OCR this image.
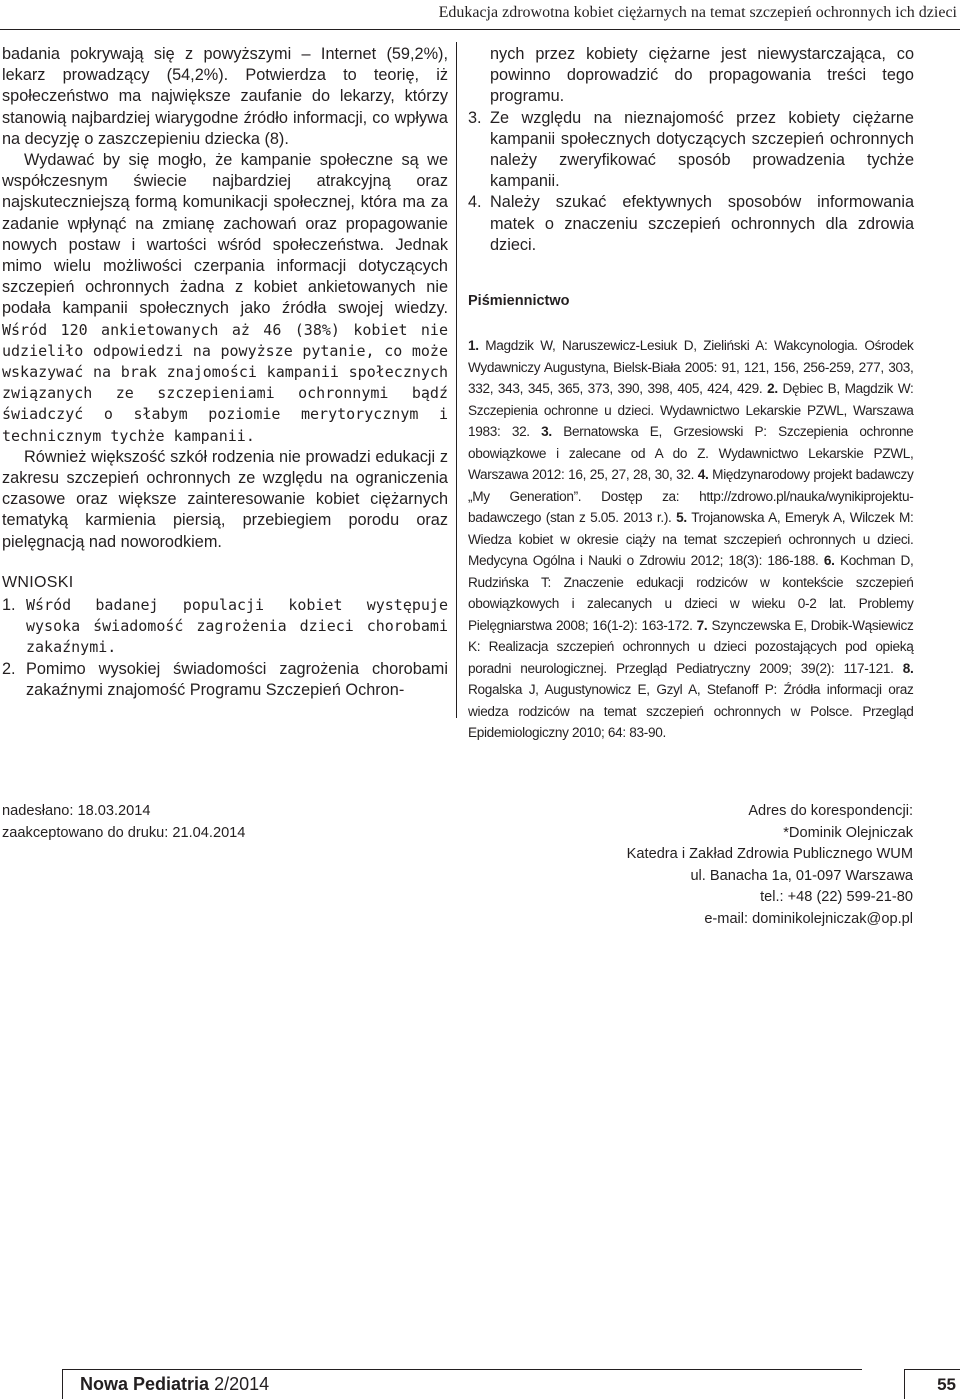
Edukacja zdrowotna kobiet ciężarnych na temat szczepień ochronnych ich dzieci

badania pokrywają się z powyższymi – Internet (59,2%), lekarz prowadzący (54,2%). Potwierdza to teorię, iż społeczeństwo ma największe zaufanie do lekarzy, którzy stanowią najbardziej wiarygodne źródło informacji, co wpływa na decyzję o zaszczepieniu dziecka (8).

Wydawać by się mogło, że kampanie społeczne są we współczesnym świecie najbardziej atrakcyjną oraz najskuteczniejszą formą komunikacji społecznej, która ma za zadanie wpłynąć na zmianę zachowań oraz propagowanie nowych postaw i wartości wśród społeczeństwa. Jednak mimo wielu możliwości czerpania informacji dotyczących szczepień ochronnych żadna z kobiet ankietowanych nie podała kampanii społecznych jako źródła swojej wiedzy. Wśród 120 ankietowanych aż 46 (38%) kobiet nie udzieliło odpowiedzi na powyższe pytanie, co może wskazywać na brak znajomości kampanii społecznych związanych ze szczepieniami ochronnymi bądź świadczyć o słabym poziomie merytorycznym i technicznym tychże kampanii.

Również większość szkół rodzenia nie prowadzi edukacji z zakresu szczepień ochronnych ze względu na ograniczenia czasowe oraz większe zainteresowanie kobiet ciężarnych tematyką karmienia piersią, przebiegiem porodu oraz pielęgnacją nad noworodkiem.

WNIOSKI
1. Wśród badanej populacji kobiet występuje wysoka świadomość zagrożenia dzieci chorobami zakaźnymi.
2. Pomimo wysokiej świadomości zagrożenia chorobami zakaźnymi znajomość Programu Szczepień Ochron-

nych przez kobiety ciężarne jest niewystarczająca, co powinno doprowadzić do propagowania treści tego programu.

3. Ze względu na nieznajomość przez kobiety ciężarne kampanii społecznych dotyczących szczepień ochronnych należy zweryfikować sposób prowadzenia tychże kampanii.
4. Należy szukać efektywnych sposobów informowania matek o znaczeniu szczepień ochronnych dla zdrowia dzieci.
Piśmiennictwo
1. Magdzik W, Naruszewicz-Lesiuk D, Zieliński A: Wakcynologia. Ośrodek Wydawniczy Augustyna, Bielsk-Biała 2005: 91, 121, 156, 256-259, 277, 303, 332, 343, 345, 365, 373, 390, 398, 405, 424, 429. 2. Dębiec B, Magdzik W: Szczepienia ochronne u dzieci. Wydawnictwo Lekarskie PZWL, Warszawa 1983: 32. 3. Bernatowska E, Grzesiowski P: Szczepienia ochronne obowiązkowe i zalecane od A do Z. Wydawnictwo Lekarskie PZWL, Warszawa 2012: 16, 25, 27, 28, 30, 32. 4. Międzynarodowy projekt badawczy „My Generation”. Dostęp za: http://zdrowo.pl/nauka/wynikiprojektu-badawczego (stan z 5.05. 2013 r.). 5. Trojanowska A, Emeryk A, Wilczek M: Wiedza kobiet w okresie ciąży na temat szczepień ochronnych u dzieci. Medycyna Ogólna i Nauki o Zdrowiu 2012; 18(3): 186-188. 6. Kochman D, Rudzińska T: Znaczenie edukacji rodziców w kontekście szczepień obowiązkowych i zalecanych u dzieci w wieku 0-2 lat. Problemy Pielęgniarstwa 2008; 16(1-2): 163-172. 7. Szynczewska E, Drobik-Wąsiewicz K: Realizacja szczepień ochronnych u dzieci pozostających pod opieką poradni neurologicznej. Przegląd Pediatryczny 2009; 39(2): 117-121. 8. Rogalska J, Augustynowicz E, Gzyl A, Stefanoff P: Źródła informacji oraz wiedza rodziców na temat szczepień ochronnych w Polsce. Przegląd Epidemiologiczny 2010; 64: 83-90.
nadesłano: 18.03.2014
zaakceptowano do druku: 21.04.2014
Adres do korespondencji:
*Dominik Olejniczak
Katedra i Zakład Zdrowia Publicznego WUM
ul. Banacha 1a, 01-097 Warszawa
tel.: +48 (22) 599-21-80
e-mail: dominikolejniczak@op.pl
Nowa Pediatria 2/2014	55
